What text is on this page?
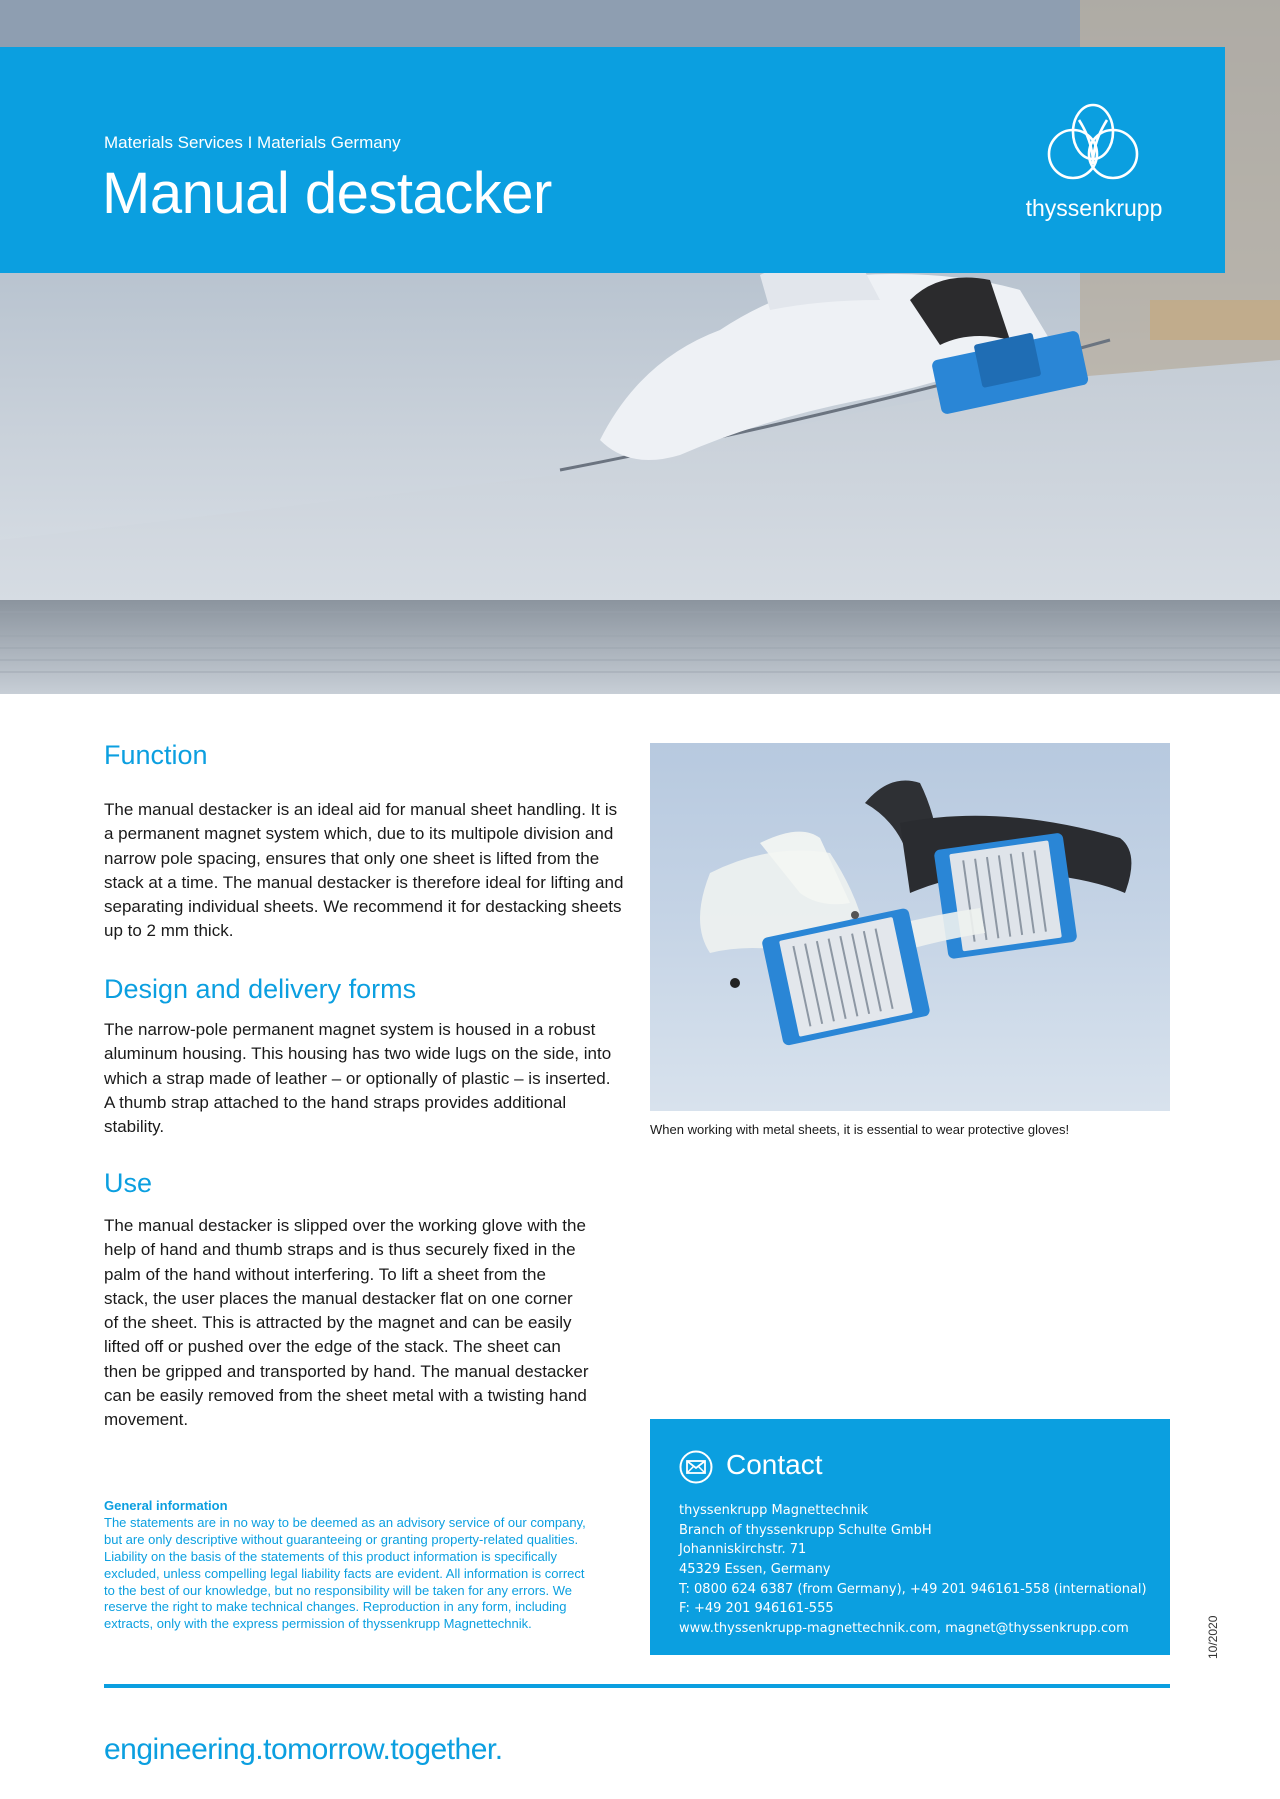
Materials Services I Materials Germany
Manual destacker	thyssenkrupp
Function

The manual destacker is an ideal aid for manual sheet handling. It is a permanent magnet system which, due to its multipole division and narrow pole spacing, ensures that only one sheet is lifted from the stack at a time. The manual destacker is therefore ideal for lifting and separating individual sheets. We recommend it for destacking sheets up to 2 mm thick.

Design and delivery forms

The narrow-pole permanent magnet system is housed in a robust aluminum housing. This housing has two wide lugs on the side, into which a strap made of leather – or optionally of plastic – is inserted. A thumb strap attached to the hand straps provides additional stability.

Use

The manual destacker is slipped over the working glove with the help of hand and thumb straps and is thus securely fixed in the palm of the hand without interfering. To lift a sheet from the stack, the user places the manual destacker flat on one corner of the sheet. This is attracted by the magnet and can be easily lifted off or pushed over the edge of the stack. The sheet can then be gripped and transported by hand. The manual destacker can be easily removed from the sheet metal with a twisting hand movement.

When working with metal sheets, it is essential to wear protective gloves!
General information
The statements are in no way to be deemed as an advisory service of our company, but are only descriptive without guaranteeing or granting property-related qualities. Liability on the basis of the statements of this product information is specifically excluded, unless compelling legal liability facts are evident. All information is correct to the best of our knowledge, but no responsibility will be taken for any errors. We reserve the right to make technical changes. Reproduction in any form, including extracts, only with the express permission of thyssenkrupp Magnettechnik.
Contact
thyssenkrupp Magnettechnik
Branch of thyssenkrupp Schulte GmbH
Johanniskirchstr. 71
45329 Essen, Germany
T: 0800 624 6387 (from Germany), +49 201 946161-558 (international)
F: +49 201 946161-555
www.thyssenkrupp-magnettechnik.com, magnet@thyssenkrupp.com	10/2020
engineering.tomorrow.together.
